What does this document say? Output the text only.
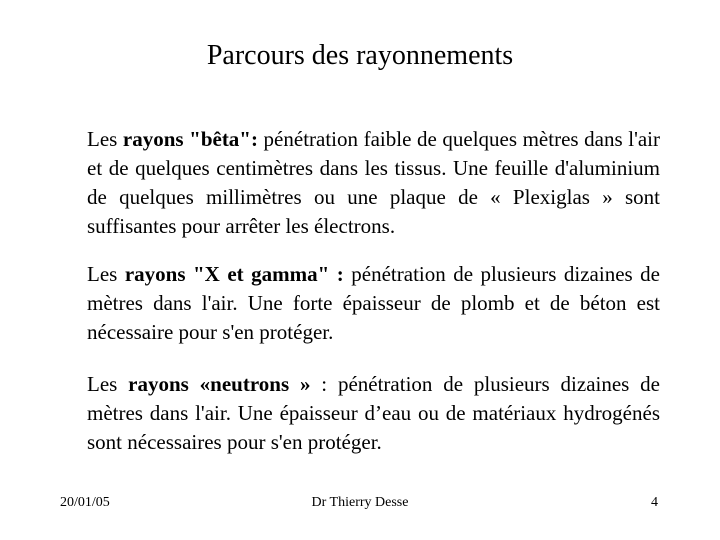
Parcours des rayonnements
Les rayons "bêta": pénétration faible de quelques mètres dans l'air et de quelques centimètres dans les tissus. Une feuille d'aluminium de quelques millimètres ou une plaque de « Plexiglas » sont suffisantes pour arrêter les électrons.
Les rayons "X et gamma" : pénétration de plusieurs dizaines de mètres dans l'air. Une forte épaisseur de plomb et de béton est nécessaire pour s'en protéger.
Les rayons «neutrons » : pénétration de plusieurs dizaines de mètres dans l'air. Une épaisseur d’eau ou de matériaux hydrogénés sont nécessaires pour s'en protéger.
20/01/05	Dr Thierry Desse	4
